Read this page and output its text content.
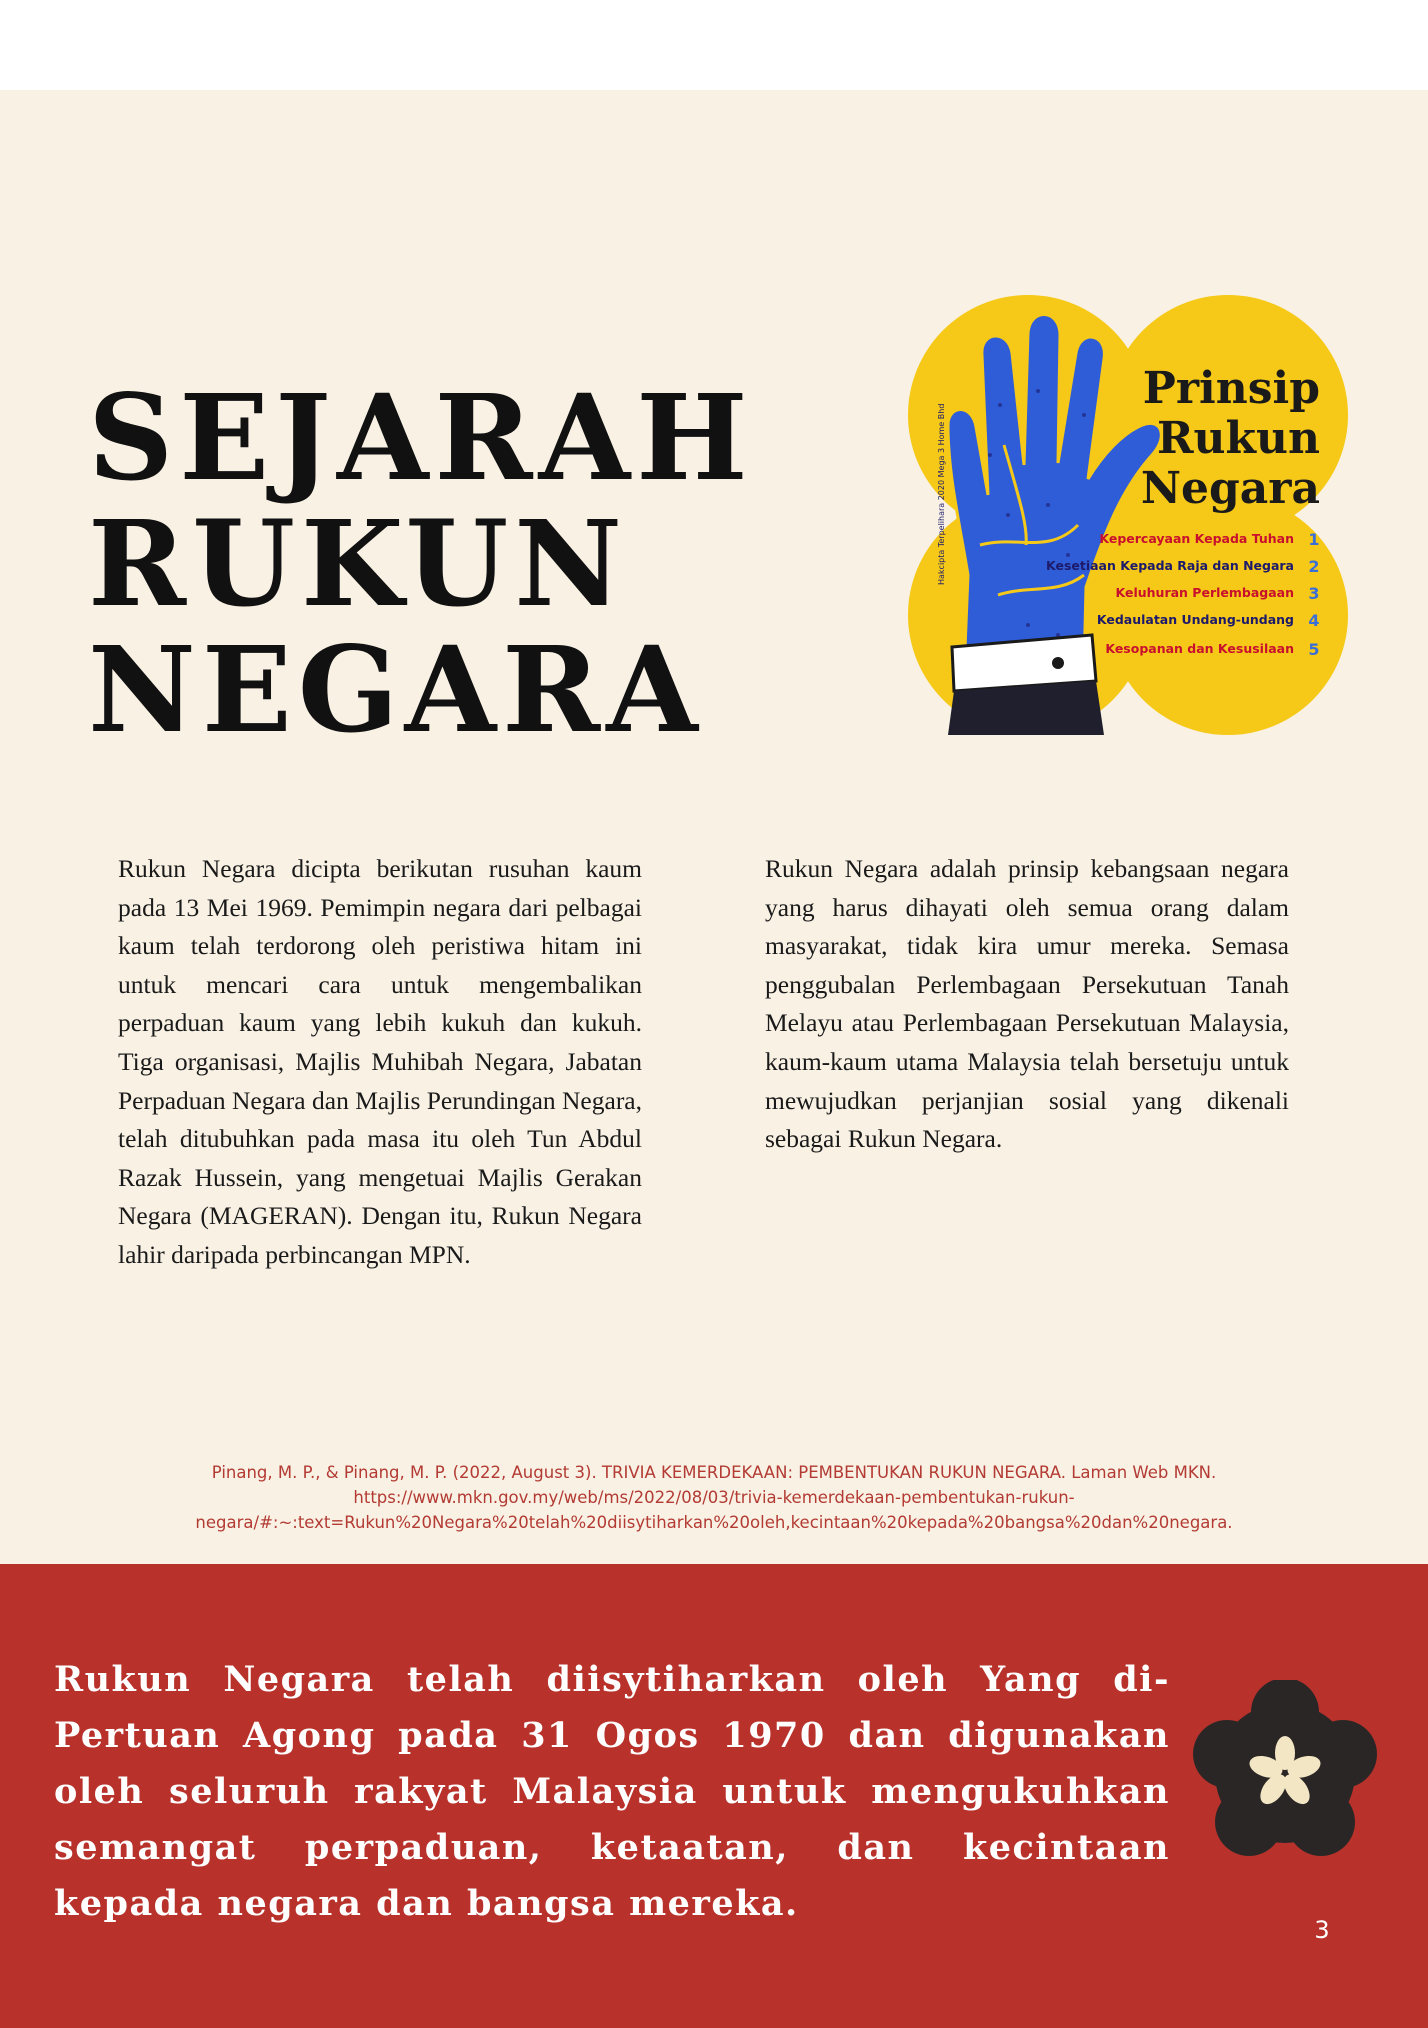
SEJARAH
RUKUN
NEGARA
Hakcipta Terpelihara 2020 Mega 3 Home Bhd
Prinsip
Rukun
Negara
Kepercayaan Kepada Tuhan
Kesetiaan Kepada Raja dan Negara
Keluhuran Perlembagaan
Kedaulatan Undang-undang
Kesopanan dan Kesusilaan
1
2
3
4
5

Rukun Negara dicipta berikutan rusuhan kaum pada 13 Mei 1969. Pemimpin negara dari pelbagai kaum telah terdorong oleh peristiwa hitam ini untuk mencari cara untuk mengembalikan perpaduan kaum yang lebih kukuh dan kukuh. Tiga organisasi, Majlis Muhibah Negara, Jabatan Perpaduan Negara dan Majlis Perundingan Negara, telah ditubuhkan pada masa itu oleh Tun Abdul Razak Hussein, yang mengetuai Majlis Gerakan Negara (MAGERAN). Dengan itu, Rukun Negara lahir daripada perbincangan MPN.

Rukun Negara adalah prinsip kebangsaan negara yang harus dihayati oleh semua orang dalam masyarakat, tidak kira umur mereka. Semasa penggubalan Perlembagaan Persekutuan Tanah Melayu atau Perlembagaan Persekutuan Malaysia, kaum-kaum utama Malaysia telah bersetuju untuk mewujudkan perjanjian sosial yang dikenali sebagai Rukun Negara.

Pinang, M. P., & Pinang, M. P. (2022, August 3). TRIVIA KEMERDEKAAN: PEMBENTUKAN RUKUN NEGARA. Laman Web MKN. https://www.mkn.gov.my/web/ms/2022/08/03/trivia-kemerdekaan-pembentukan-rukun-negara/#:~:text=Rukun%20Negara%20telah%20diisytiharkan%20oleh,kecintaan%20kepada%20bangsa%20dan%20negara.

Rukun Negara telah diisytiharkan oleh Yang di-Pertuan Agong pada 31 Ogos 1970 dan digunakan oleh seluruh rakyat Malaysia untuk mengukuhkan semangat perpaduan, ketaatan, dan kecintaan kepada negara dan bangsa mereka.

3
